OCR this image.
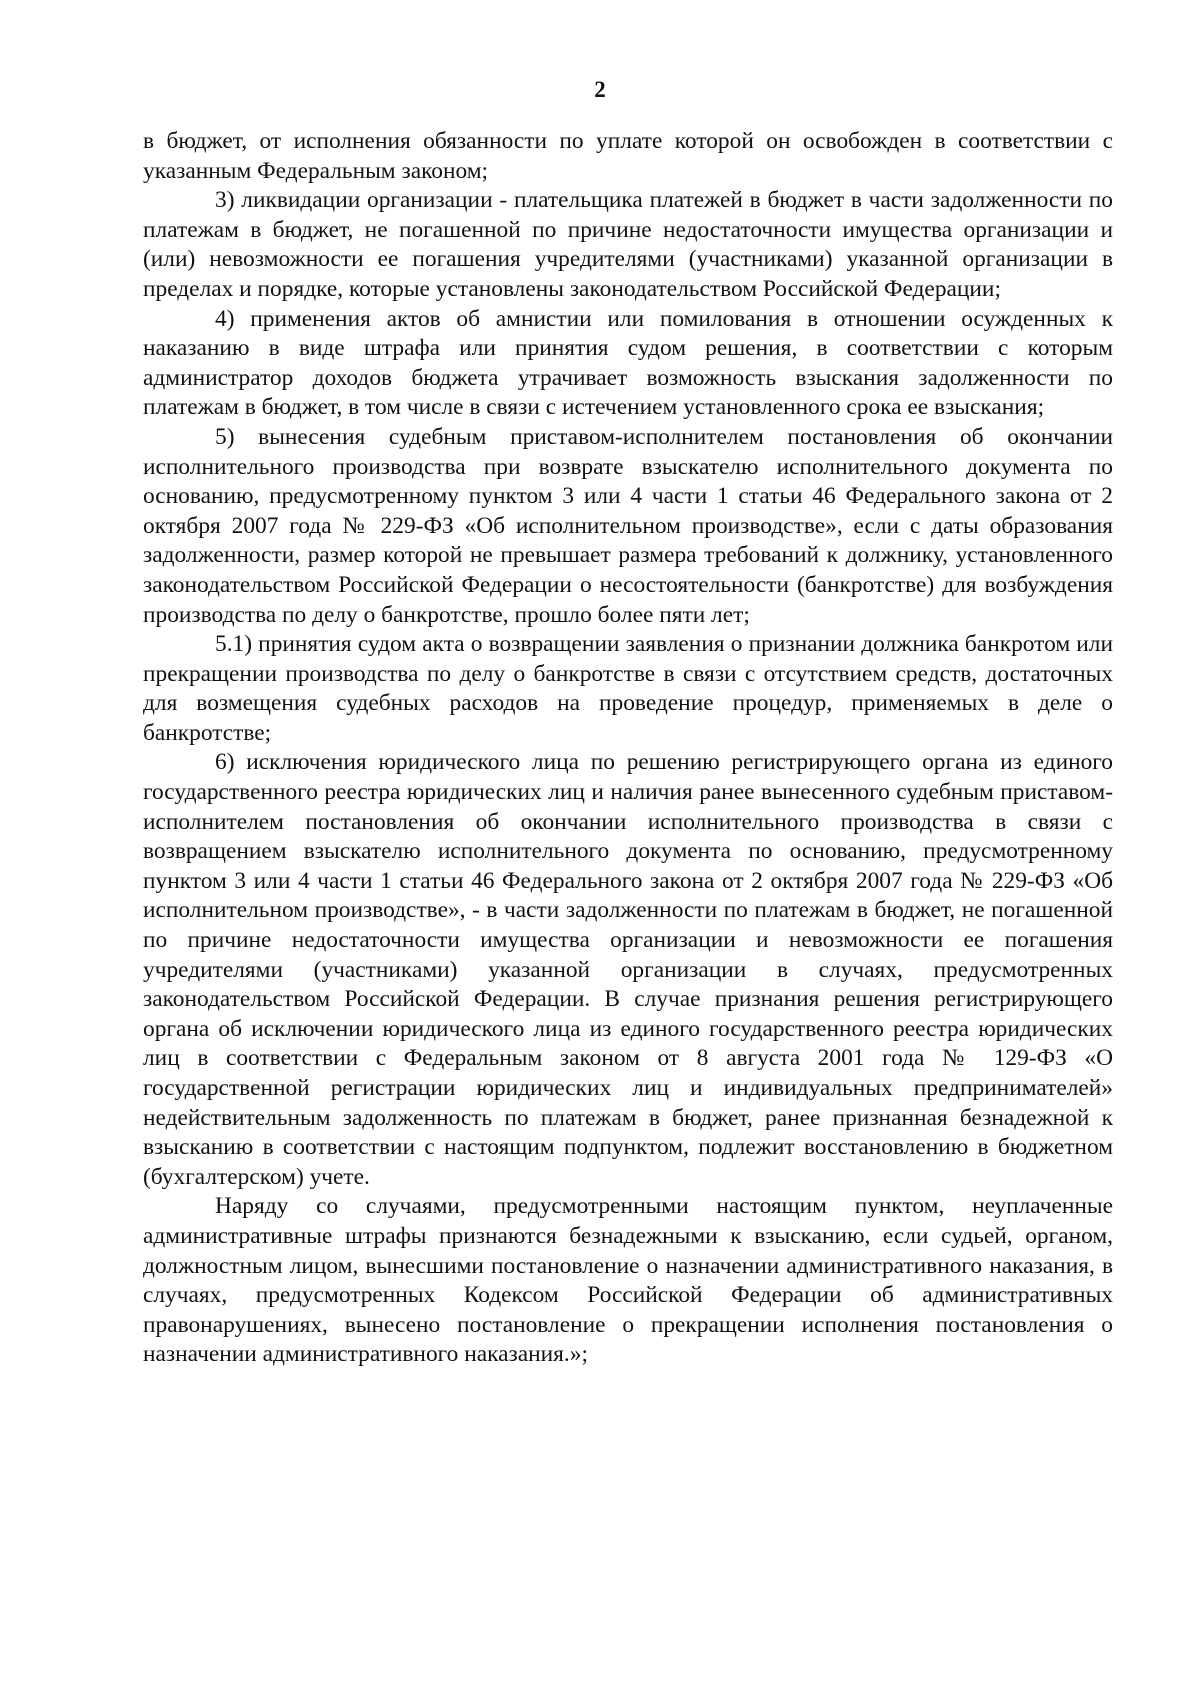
2

в бюджет, от исполнения обязанности по уплате которой он освобожден в соответствии с указанным Федеральным законом;

3) ликвидации организации - плательщика платежей в бюджет в части задолженности по платежам в бюджет, не погашенной по причине недостаточности имущества организации и (или) невозможности ее погашения учредителями (участниками) указанной организации в пределах и порядке, которые установлены законодательством Российской Федерации;

4) применения актов об амнистии или помилования в отношении осужденных к наказанию в виде штрафа или принятия судом решения, в соответствии с которым администратор доходов бюджета утрачивает возможность взыскания задолженности по платежам в бюджет, в том числе в связи с истечением установленного срока ее взыскания;

5) вынесения судебным приставом-исполнителем постановления об окончании исполнительного производства при возврате взыскателю исполнительного документа по основанию, предусмотренному пунктом 3 или 4 части 1 статьи 46 Федерального закона от 2 октября 2007 года № 229-ФЗ «Об исполнительном производстве», если с даты образования задолженности, размер которой не превышает размера требований к должнику, установленного законодательством Российской Федерации о несостоятельности (банкротстве) для возбуждения производства по делу о банкротстве, прошло более пяти лет;

5.1) принятия судом акта о возвращении заявления о признании должника банкротом или прекращении производства по делу о банкротстве в связи с отсутствием средств, достаточных для возмещения судебных расходов на проведение процедур, применяемых в деле о банкротстве;

6) исключения юридического лица по решению регистрирующего органа из единого государственного реестра юридических лиц и наличия ранее вынесенного судебным приставом-исполнителем постановления об окончании исполнительного производства в связи с возвращением взыскателю исполнительного документа по основанию, предусмотренному пунктом 3 или 4 части 1 статьи 46 Федерального закона от 2 октября 2007 года № 229-ФЗ «Об исполнительном производстве», - в части задолженности по платежам в бюджет, не погашенной по причине недостаточности имущества организации и невозможности ее погашения учредителями (участниками) указанной организации в случаях, предусмотренных законодательством Российской Федерации. В случае признания решения регистрирующего органа об исключении юридического лица из единого государственного реестра юридических лиц в соответствии с Федеральным законом от 8 августа 2001 года № 129-ФЗ «О государственной регистрации юридических лиц и индивидуальных предпринимателей» недействительным задолженность по платежам в бюджет, ранее признанная безнадежной к взысканию в соответствии с настоящим подпунктом, подлежит восстановлению в бюджетном (бухгалтерском) учете.

Наряду со случаями, предусмотренными настоящим пунктом, неуплаченные административные штрафы признаются безнадежными к взысканию, если судьей, органом, должностным лицом, вынесшими постановление о назначении административного наказания, в случаях, предусмотренных Кодексом Российской Федерации об административных правонарушениях, вынесено постановление о прекращении исполнения постановления о назначении административного наказания.»;
